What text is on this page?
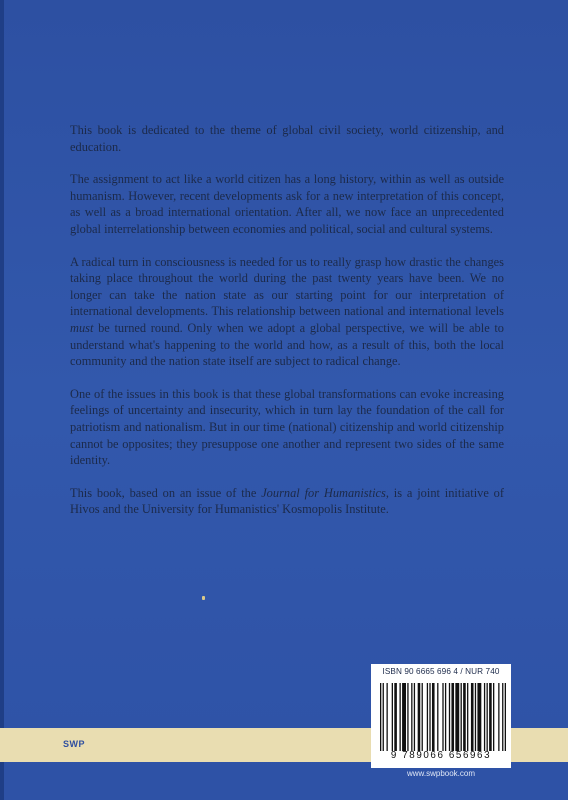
This book is dedicated to the theme of global civil society, world citizenship, and education.

The assignment to act like a world citizen has a long history, within as well as outside humanism. However, recent developments ask for a new interpretation of this concept, as well as a broad international orientation. After all, we now face an unprecedented global interrelationship between economies and political, social and cultural systems.

A radical turn in consciousness is needed for us to really grasp how drastic the changes taking place throughout the world during the past twenty years have been. We no longer can take the nation state as our starting point for our interpretation of international developments. This relationship between national and international levels must be turned round. Only when we adopt a global perspective, we will be able to understand what's happening to the world and how, as a result of this, both the local community and the nation state itself are subject to radical change.

One of the issues in this book is that these global transformations can evoke increasing feelings of uncertainty and insecurity, which in turn lay the foundation of the call for patriotism and nationalism. But in our time (national) citizenship and world citizenship cannot be opposites; they presuppose one another and represent two sides of the same identity.

This book, based on an issue of the Journal for Humanistics, is a joint initiative of Hivos and the University for Humanistics' Kosmopolis Institute.

SWP
ISBN 90 6665 696 4 / NUR 740
9 789066 656963
www.swpbook.com
